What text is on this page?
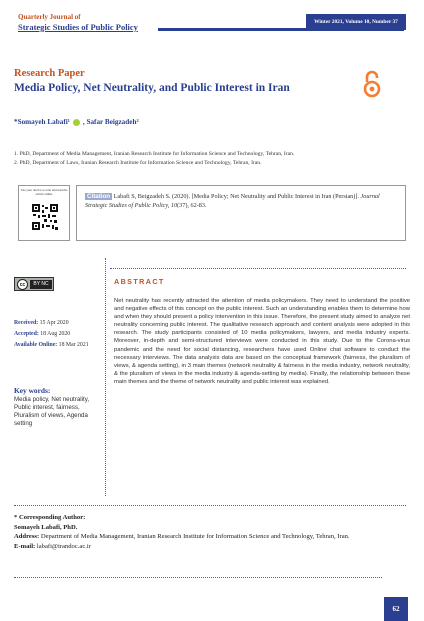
Quarterly Journal of
Strategic Studies of Public Policy	Winter 2021, Volume 10, Number 37
Research Paper
Media Policy, Net Neutrality, and Public Interest in Iran
*Somayeh Labafi¹ , Safar Beigzadeh²
1. PhD, Department of Media Management, Iranian Research Institute for Information Science and Technology, Tehran, Iran.
2. PhD, Department of Laws, Iranian Research Institute for Information Science and Technology, Tehran, Iran.
Use your device to scan and read the article online	Citation Labafi S, Beigzadeh S. (2020). [Media Policy; Net Neutrality and Public Interest in Iran (Persian)]. Journal Strategic Studies of Public Policy, 10(37), 62-83.
cc	BY NC	ABSTRACT
Received: 15 Apr 2020
Accepted: 18 Aug 2020
Available Online: 18 Mar 2021
Key words:
Media policy, Net neutrality, Public interest, fairness, Pluralism of views, Agenda setting
Net neutrality has recently attracted the attention of media policymakers. They need to understand the positive and negative effects of this concept on the public interest. Such an understanding enables them to determine how and when they should present a policy intervention in this issue. Therefore, the present study aimed to analyze net neutrality concerning public interest. The qualitative research approach and content analysis were adopted in this research. The study participants consisted of 10 media policymakers, lawyers, and media industry experts. Moreover, in-depth and semi-structured interviews were conducted in this study. Due to the Corona-virus pandemic and the need for social distancing, researchers have used Online chat software to conduct the necessary interviews. The data analysis data are based on the conceptual framework (fairness, the pluralism of views, & agenda setting), in 3 main themes (network neutrality & fairness in the media industry, network neutrality, & the pluralism of views in the media industry & agenda-setting by media). Finally, the relationship between these main themes and the theme of network neutrality and public interest was explained.
* Corresponding Author:
Somayeh Labafi, PhD.
Address: Department of Media Management, Iranian Research Institute for Information Science and Technology, Tehran, Iran.
E-mail: labafi@irandoc.ac.ir
62
